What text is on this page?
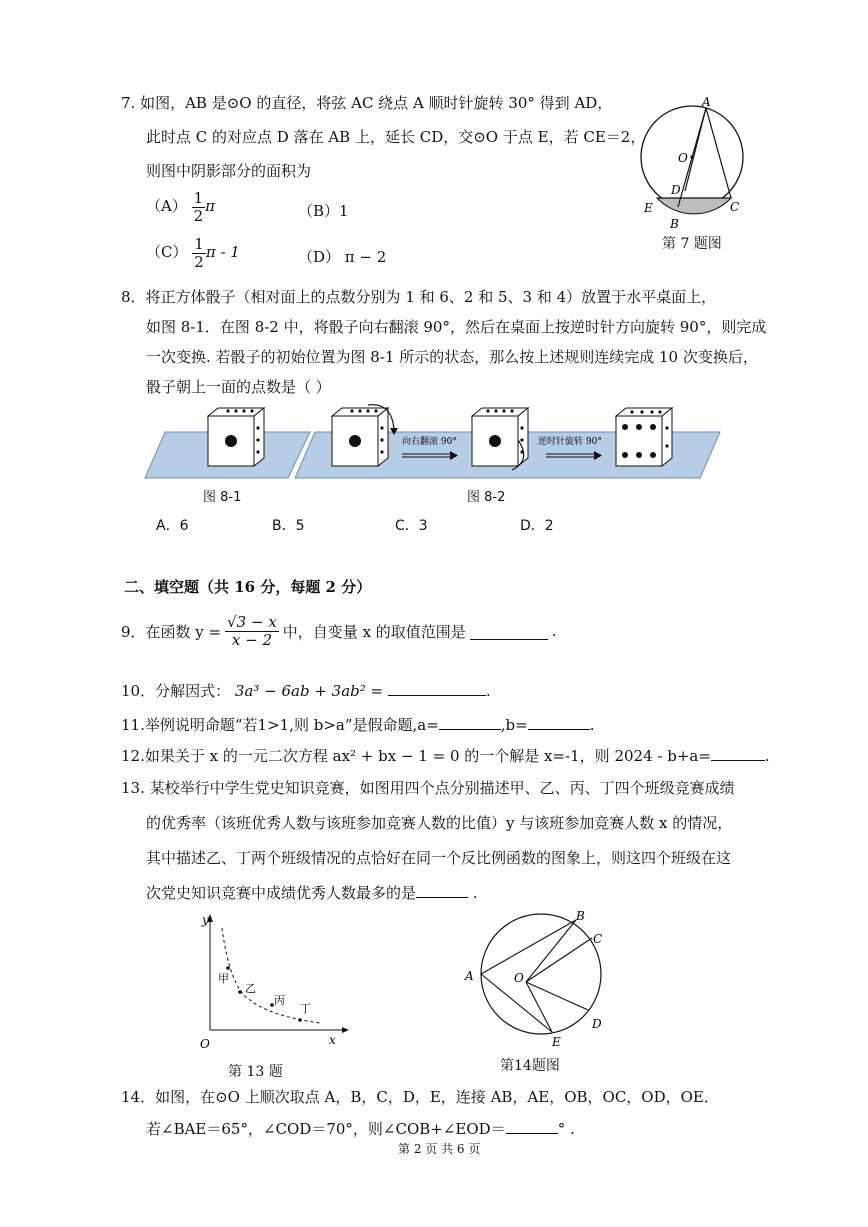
7. 如图，AB 是⊙O 的直径，将弦 AC 绕点 A 顺时针旋转 30° 得到 AD，
此时点 C 的对应点 D 落在 AB 上，延长 CD，交⊙O 于点 E，若 CE＝2，
则图中阴影部分的面积为
$(A) \frac{1}{2}$ π	（B）1
$(C) \frac{1}{2}$ π - 1	（D） π − 2
A
O
D
E
B
C
第 7 题图
8．将正方体骰子（相对面上的点数分别为 1 和 6、2 和 5、3 和 4）放置于水平桌面上，
如图 8-1．在图 8-2 中，将骰子向右翻滚 90°，然后在桌面上按逆时针方向旋转 90°，则完成
一次变换. 若骰子的初始位置为图 8-1 所示的状态，那么按上述规则连续完成 10 次变换后，
骰子朝上一面的点数是（ ）
向右翻滚 90°	逆时针旋转 90°
图 8-1	图 8-2
A．6	B．5	C．3	D．2
二、填空题（共 16 分，每题 2 分）
9．在函数 $y = \frac{√3 - x}{x - 2}$ 中，自变量 x 的取值范围是	.
10．分解因式： 3a³ − 6ab + 3ab² =	.
11.举例说明命题“若1>1,则 b>a”是假命题,a=	,b=	.
12.如果关于 x 的一元二次方程 ax² + bx − 1 = 0 的一个解是 x=-1，则 2024 - b+a=	.
13. 某校举行中学生党史知识竞赛，如图用四个点分别描述甲、乙、丙、丁四个班级竞赛成绩
的优秀率（该班优秀人数与该班参加竞赛人数的比值）y 与该班参加竞赛人数 x 的情况，
其中描述乙、丁两个班级情况的点恰好在同一个反比例函数的图象上，则这四个班级在这
次党史知识竞赛中成绩优秀人数最多的是	.
y
x
O
甲
乙
丙
丁
第 13 题
A
B
C
D
E
O
第14题图
14．如图，在⊙O 上顺次取点 A，B，C，D，E，连接 AB，AE，OB，OC，OD，OE．
若∠BAE＝65°，∠COD＝70°，则∠COB+∠EOD＝	° .
第 2 页 共 6 页
